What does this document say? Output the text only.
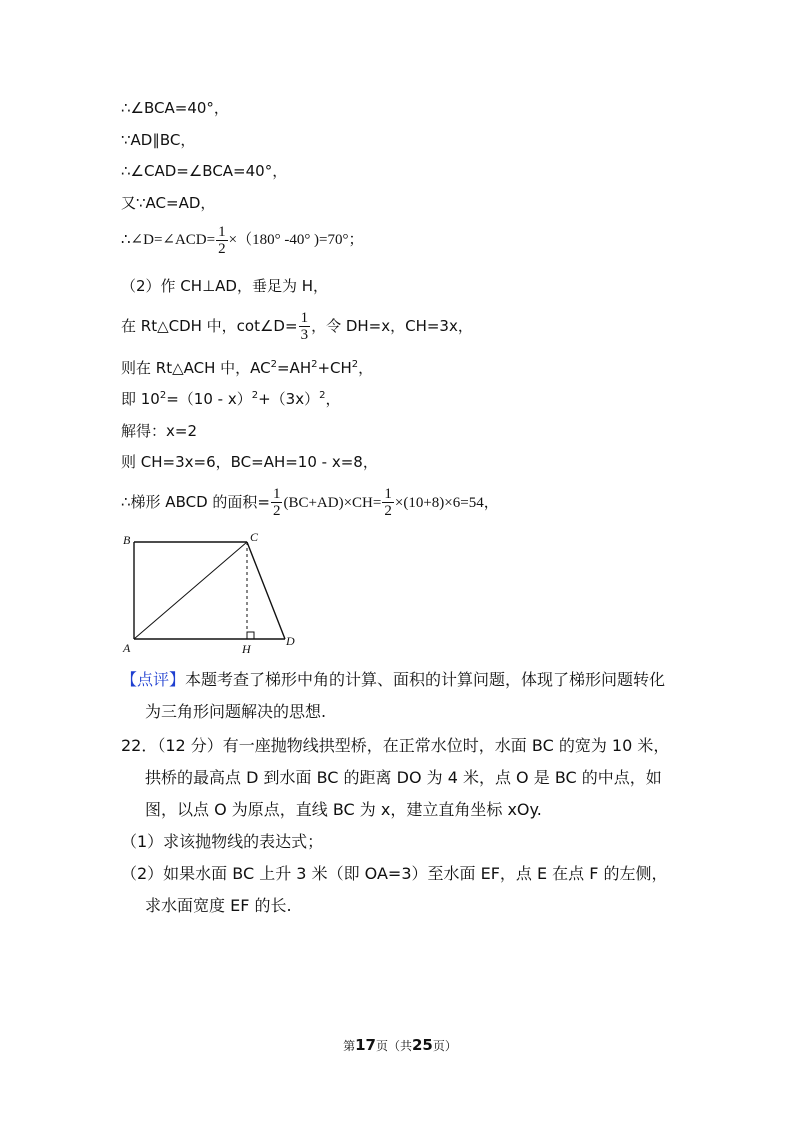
∴∠BCA=40°，
∵AD∥BC，
∴∠CAD=∠BCA=40°，
又∵AC=AD，
∴∠D=∠ACD= $\frac{1}{2} \times(180^\circ$ -40° )=70°；
（2）作 CH⊥AD，垂足为 H，
在 Rt△CDH 中，cot∠D= $\frac{1}{3}$ ，令 DH=x，CH=3x，
则在 Rt△ACH 中，$AC^2=AH^2+CH^2$，
即 $10^2=(10 - x)^2+(3x)^2$，
解得：x=2
则 CH=3x=6，BC=AH=10 - x=8，
∴梯形 ABCD 的面积= $\frac{1}{2} (BC+AD)\times CH= \frac{1}{2} \times(10+8)\times 6=54$，
B	C
A	H
D
【点评】本题考查了梯形中角的计算、面积的计算问题，体现了梯形问题转化为三角形问题解决的思想.
22．（12 分）有一座抛物线拱型桥，在正常水位时，水面 BC 的宽为 10 米，拱桥的最高点 D 到水面 BC 的距离 DO 为 4 米，点 O 是 BC 的中点，如图，以点 O 为原点，直线 BC 为 x，建立直角坐标 xOy.
（1）求该抛物线的表达式；
（2）如果水面 BC 上升 3 米（即 OA=3）至水面 EF，点 E 在点 F 的左侧，求水面宽度 EF 的长.
第17页（共25页）
